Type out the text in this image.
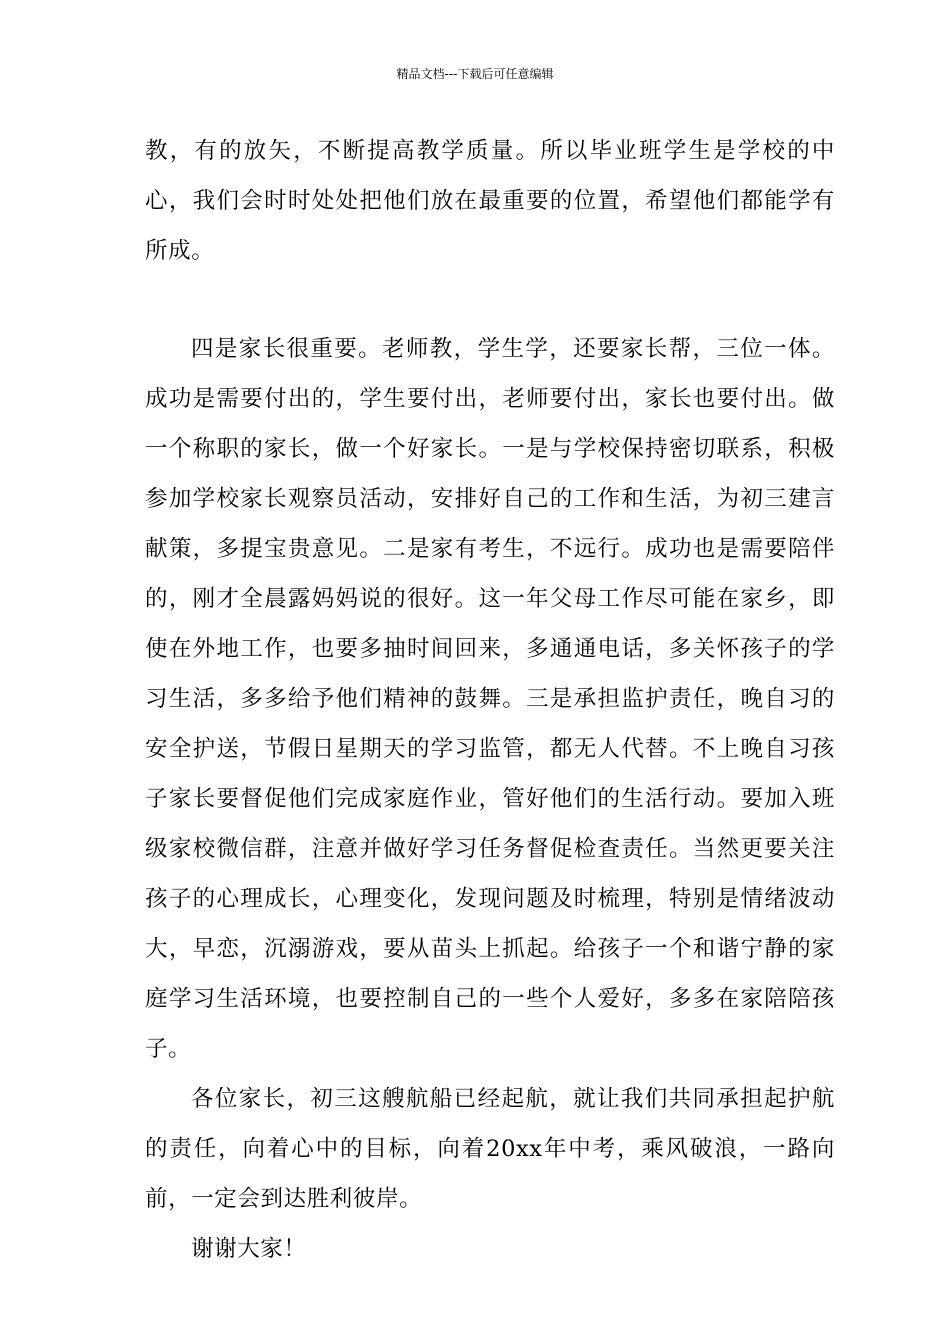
精品文档---下载后可任意编辑

教，有的放矢，不断提高教学质量。所以毕业班学生是学校的中心，我们会时时处处把他们放在最重要的位置，希望他们都能学有所成。

四是家长很重要。老师教，学生学，还要家长帮，三位一体。成功是需要付出的，学生要付出，老师要付出，家长也要付出。做一个称职的家长，做一个好家长。一是与学校保持密切联系，积极参加学校家长观察员活动，安排好自己的工作和生活，为初三建言献策，多提宝贵意见。二是家有考生，不远行。成功也是需要陪伴的，刚才全晨露妈妈说的很好。这一年父母工作尽可能在家乡，即使在外地工作，也要多抽时间回来，多通通电话，多关怀孩子的学习生活，多多给予他们精神的鼓舞。三是承担监护责任，晚自习的安全护送，节假日星期天的学习监管，都无人代替。不上晚自习孩子家长要督促他们完成家庭作业，管好他们的生活行动。要加入班级家校微信群，注意并做好学习任务督促检查责任。当然更要关注孩子的心理成长，心理变化，发现问题及时梳理，特别是情绪波动大，早恋，沉溺游戏，要从苗头上抓起。给孩子一个和谐宁静的家庭学习生活环境，也要控制自己的一些个人爱好，多多在家陪陪孩子。

各位家长，初三这艘航船已经起航，就让我们共同承担起护航的责任，向着心中的目标，向着20xx年中考，乘风破浪，一路向前，一定会到达胜利彼岸。

谢谢大家！
